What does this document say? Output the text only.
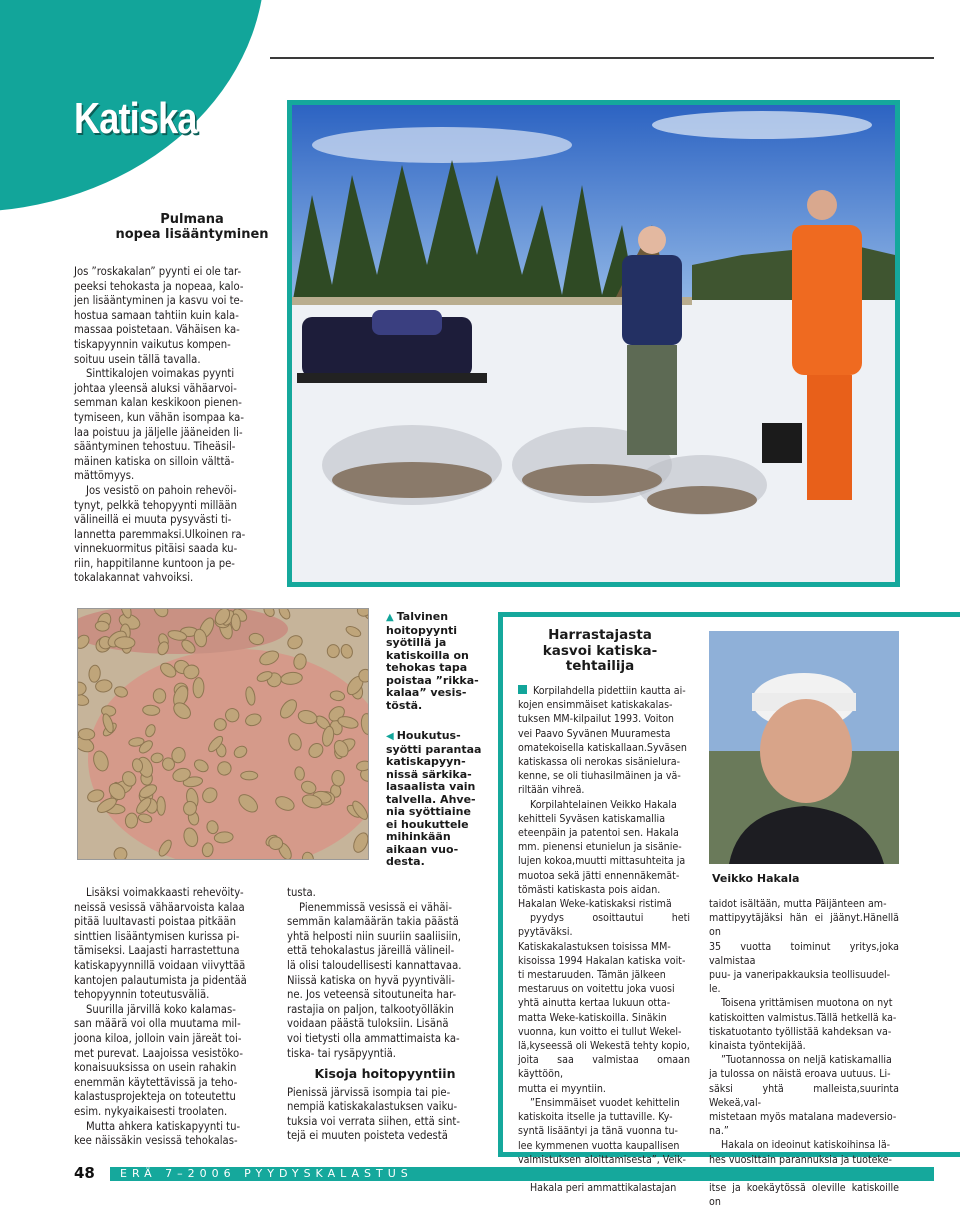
Katiska
Pulmana
nopea lisääntyminen
Jos ”roskakalan” pyynti ei ole tar-
peeksi tehokasta ja nopeaa, kalo-
jen lisääntyminen ja kasvu voi te-
hostua samaan tahtiin kuin kala-
massaa poistetaan. Vähäisen ka-
tiskapyynnin vaikutus kompen-
soituu usein tällä tavalla.
Sinttikalojen voimakas pyynti
johtaa yleensä aluksi vähäarvoi-
semman kalan keskikoon pienen-
tymiseen, kun vähän isompaa ka-
laa poistuu ja jäljelle jääneiden li-
sääntyminen tehostuu. Tiheäsil-
mäinen katiska on silloin välttä-
mättömyys.
Jos vesistö on pahoin rehevöi-
tynyt, pelkkä tehopyynti millään
välineillä ei muuta pysyvästi ti-
lannetta paremmaksi.Ulkoinen ra-
vinnekuormitus pitäisi saada ku-
riin, happitilanne kuntoon ja pe-
tokalakannat vahvoiksi.
▲ Talvinen
hoitopyynti
syötillä ja
katiskoilla on
tehokas tapa
poistaa ”rikka-
kalaa” vesis-
töstä.
◀ Houkutus-
syötti parantaa
katiskapyyn-
nissä särkika-
lasaalista vain
talvella. Ahve-
nia syöttiaine
ei houkuttele
mihinkään
aikaan vuo-
desta.
Lisäksi voimakkaasti rehevöity-
neissä vesissä vähäarvoista kalaa
pitää luultavasti poistaa pitkään
sinttien lisääntymisen kurissa pi-
tämiseksi. Laajasti harrastettuna
katiskapyynnillä voidaan viivyttää
kantojen palautumista ja pidentää
tehopyynnin toteutusväliä.
Suurilla järvillä koko kalamas-
san määrä voi olla muutama mil-
joona kiloa, jolloin vain järeät toi-
met purevat. Laajoissa vesistöko-
konaisuuksissa on usein rahakin
enemmän käytettävissä ja teho-
kalastusprojekteja on toteutettu
esim. nykyaikaisesti troolaten.
Mutta ahkera katiskapyynti tu-
kee näissäkin vesissä tehokalas-
tusta.
Pienemmissä vesissä ei vähäi-
semmän kalamäärän takia päästä
yhtä helposti niin suuriin saaliisiin,
että tehokalastus järeillä välineil-
lä olisi taloudellisesti kannattavaa.
Niissä katiska on hyvä pyyntiväli-
ne. Jos veteensä sitoutuneita har-
rastajia on paljon, talkootyölläkin
voidaan päästä tuloksiin. Lisänä
voi tietysti olla ammattimaista ka-
tiska- tai rysäpyyntiä.
Kisoja hoitopyyntiin
Pienissä järvissä isompia tai pie-
nempiä katiskakalastuksen vaiku-
tuksia voi verrata siihen, että sint-
tejä ei muuten poisteta vedestä
Harrastajasta
kasvoi katiska-
tehtailija
Korpilahdella pidettiin kautta ai-
kojen ensimmäiset katiskakalas-
tuksen MM-kilpailut 1993. Voiton
vei Paavo Syvänen Muuramesta
omatekoisella katiskallaan.Syväsen
katiskassa oli nerokas sisänielura-
kenne, se oli tiuhasilmäinen ja vä-
riltään vihreä.
Korpilahtelainen Veikko Hakala
kehitteli Syväsen katiskamallia
eteenpäin ja patentoi sen. Hakala
mm. pienensi etunielun ja sisänie-
lujen kokoa,muutti mittasuhteita ja
muotoa sekä jätti ennennäkemät-
tömästi katiskasta pois aidan.
Hakalan Weke-katiskaksi ristimä
pyydys osoittautui heti pyytäväksi.
Katiskakalastuksen toisissa MM-
kisoissa 1994 Hakalan katiska voit-
ti mestaruuden. Tämän jälkeen
mestaruus on voitettu joka vuosi
yhtä ainutta kertaa lukuun otta-
matta Weke-katiskoilla. Sinäkin
vuonna, kun voitto ei tullut Wekel-
lä,kyseessä oli Wekestä tehty kopio,
joita saa valmistaa omaan käyttöön,
mutta ei myyntiin.
”Ensimmäiset vuodet kehittelin
katiskoita itselle ja tuttaville. Ky-
syntä lisääntyi ja tänä vuonna tu-
lee kymmenen vuotta kaupallisen
valmistuksen aloittamisesta”, Veik-
Hakala peri ammattikalastajan
Veikko Hakala
taidot isältään, mutta Päijänteen am-
mattipyytäjäksi hän ei jäänyt.Hänellä on
35 vuotta toiminut yritys,joka valmistaa
puu- ja vaneripakkauksia teollisuudel-
le.
Toisena yrittämisen muotona on nyt
katiskoitten valmistus.Tällä hetkellä ka-
tiskatuotanto työllistää kahdeksan va-
kinaista työntekijää.
”Tuotannossa on neljä katiskamallia
ja tulossa on näistä eroava uutuus. Li-
säksi yhtä malleista,suurinta Wekeä,val-
mistetaan myös matalana madeversio-
na.”
Hakala on ideoinut katiskoihinsa lä-
hes vuosittain parannuksia ja tuoteke-
itse ja koekäytössä oleville katiskoille on
48 ERÄ 7–2006 PYYDYSKALASTUS
